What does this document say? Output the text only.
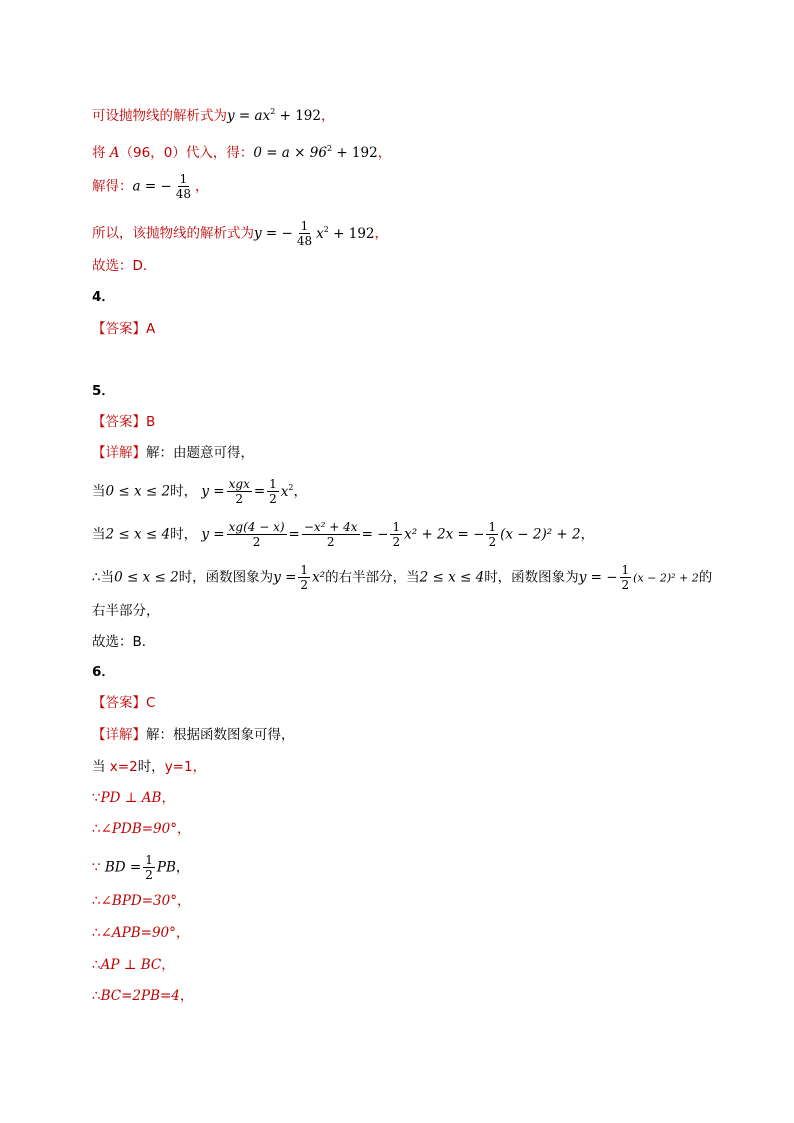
可设抛物线的解析式为$y = ax^2 + 192$，
将 A（96，0）代入，得：$0 = a \times 96^2 + 192$，
解得：a = − $\frac{1}{48}$ ，
所以，该抛物线的解析式为y = − $\frac{1}{48} x^2 + 192$，
故选：D．
4．
【答案】A
5．
【答案】B
【详解】解：由题意可得，
当0 ≤ x ≤ 2时， $y = \frac{\text{xgx}}{2} = \frac{1}{2} x^2$，
当2 ≤ x ≤ 4时， $y = \frac{xg(4 - x)}{2} = \frac{\text{−x² + 4x}}{2}$ = − $\frac{1}{2} x^2 + 2x$ = − $\frac{1}{2} (x - 2)^2 + 2$，
∴当0 ≤ x ≤ 2时，函数图象为$y = \frac{1}{2} x^2$的右半部分，当2 ≤ x ≤ 4时，函数图象为y = − $\frac{1}{2} (x - 2)^2 + 2$的
右半部分，
故选：B．
6．
【答案】C
【详解】解：根据函数图象可得，
当 x=2时，y=1，
∵PD ⊥ AB，
∴∠PDB=90°，
∵ BD = $\frac{1}{2}$ PB，
∴∠BPD=30°，
∴∠APB=90°，
∴AP ⊥ BC，
∴BC=2PB=4，
